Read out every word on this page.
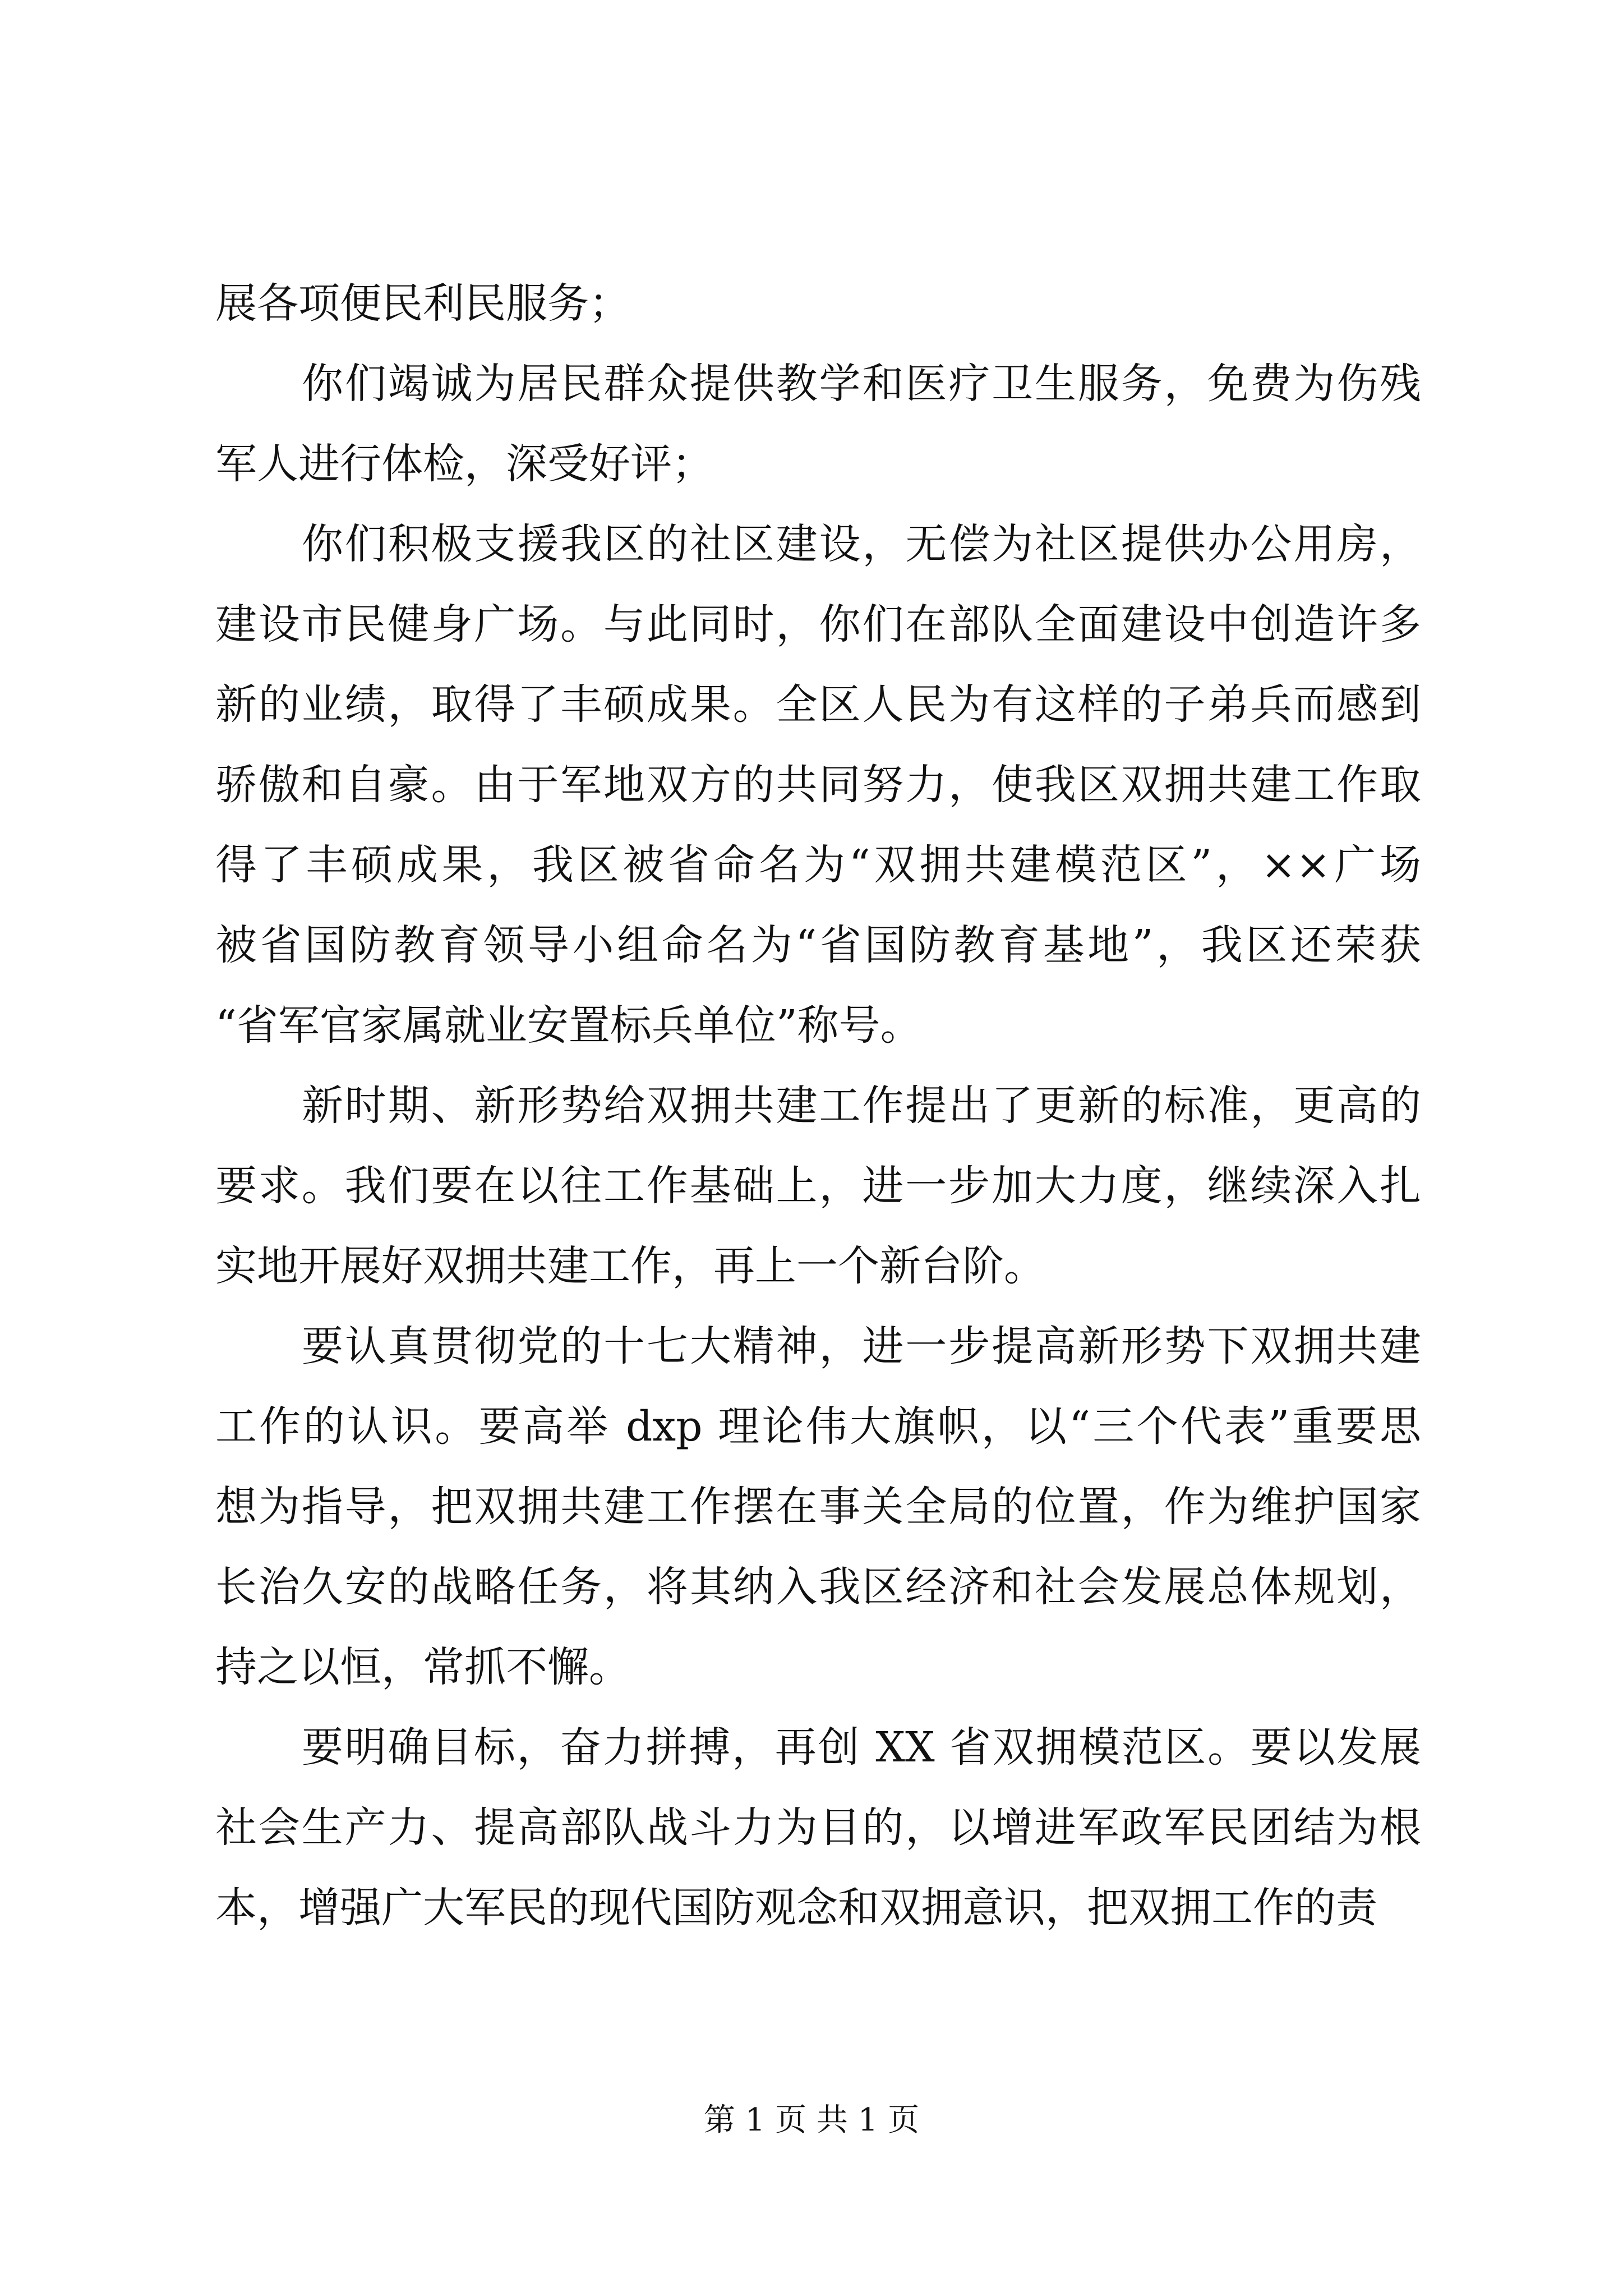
展各项便民利民服务；
你们竭诚为居民群众提供教学和医疗卫生服务，免费为伤残
军人进行体检，深受好评；
你们积极支援我区的社区建设，无偿为社区提供办公用房，
建设市民健身广场。与此同时，你们在部队全面建设中创造许多
新的业绩，取得了丰硕成果。全区人民为有这样的子弟兵而感到
骄傲和自豪。由于军地双方的共同努力，使我区双拥共建工作取
得了丰硕成果，我区被省命名为“双拥共建模范区”，××广场
被省国防教育领导小组命名为“省国防教育基地”，我区还荣获
“省军官家属就业安置标兵单位”称号。
新时期、新形势给双拥共建工作提出了更新的标准，更高的
要求。我们要在以往工作基础上，进一步加大力度，继续深入扎
实地开展好双拥共建工作，再上一个新台阶。
要认真贯彻党的十七大精神，进一步提高新形势下双拥共建
工作的认识。要高举 dxp 理论伟大旗帜，以“三个代表”重要思
想为指导，把双拥共建工作摆在事关全局的位置，作为维护国家
长治久安的战略任务，将其纳入我区经济和社会发展总体规划，
持之以恒，常抓不懈。
要明确目标，奋力拼搏，再创 XX 省双拥模范区。要以发展
社会生产力、提高部队战斗力为目的，以增进军政军民团结为根
本，增强广大军民的现代国防观念和双拥意识，把双拥工作的责
第 1 页 共 1 页
